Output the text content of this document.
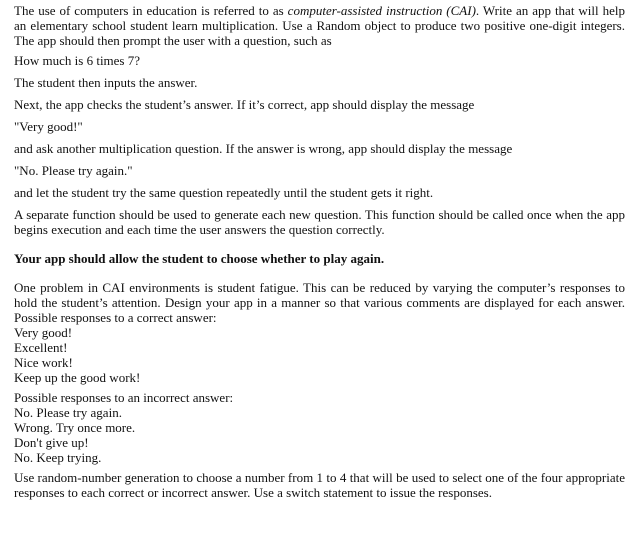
The use of computers in education is referred to as computer-assisted instruction (CAI). Write an app that will help an elementary school student learn multiplication. Use a Random object to produce two positive one-digit integers. The app should then prompt the user with a question, such as

How much is 6 times 7?

The student then inputs the answer.

Next, the app checks the student’s answer. If it’s correct, app should display the message

"Very good!"

and ask another multiplication question. If the answer is wrong, app should display the message

"No. Please try again."

and let the student try the same question repeatedly until the student gets it right.

A separate function should be used to generate each new question. This function should be called once when the app begins execution and each time the user answers the question correctly.

Your app should allow the student to choose whether to play again.

One problem in CAI environments is student fatigue. This can be reduced by varying the computer’s responses to hold the student’s attention. Design your app in a manner so that various comments are displayed for each answer. Possible responses to a correct answer:

Very good!
Excellent!
Nice work!
Keep up the good work!

Possible responses to an incorrect answer:

No. Please try again.
Wrong. Try once more.
Don't give up!
No. Keep trying.

Use random-number generation to choose a number from 1 to 4 that will be used to select one of the four appropriate responses to each correct or incorrect answer. Use a switch statement to issue the responses.
